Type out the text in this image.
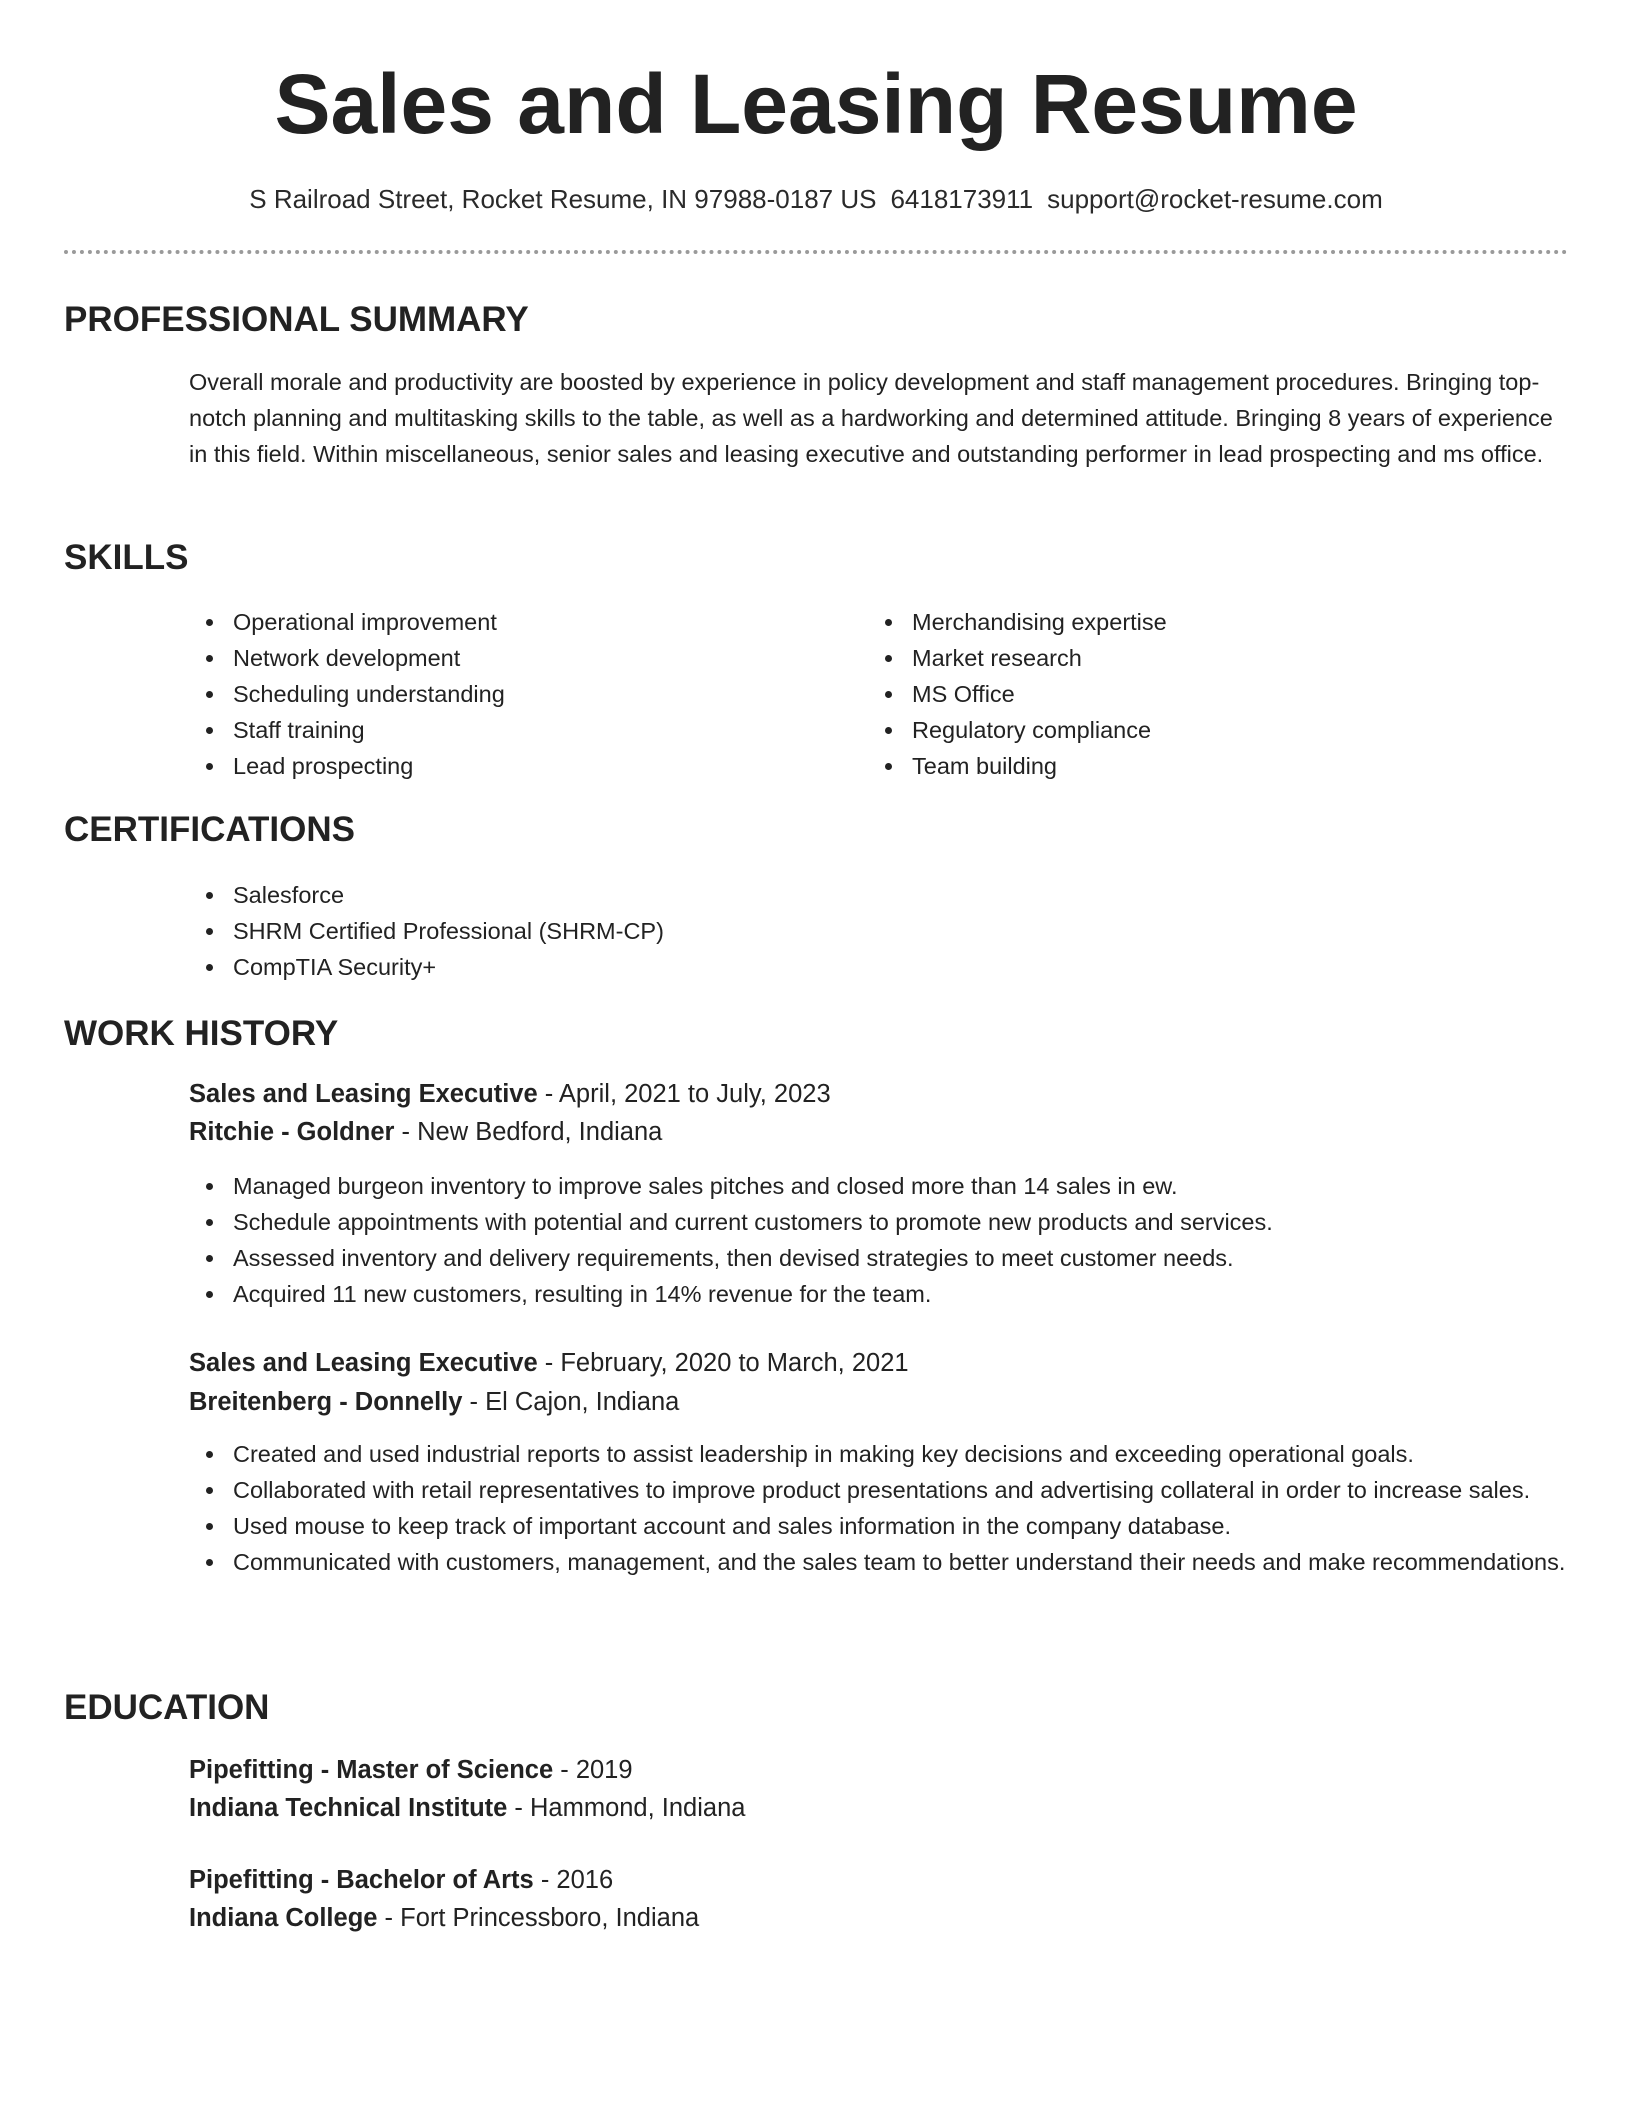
Sales and Leasing Resume
S Railroad Street, Rocket Resume, IN 97988-0187 US 6418173911 support@rocket-resume.com
PROFESSIONAL SUMMARY

Overall morale and productivity are boosted by experience in policy development and staff management procedures. Bringing top-notch planning and multitasking skills to the table, as well as a hardworking and determined attitude. Bringing 8 years of experience in this field. Within miscellaneous, senior sales and leasing executive and outstanding performer in lead prospecting and ms office.

SKILLS
Operational improvement
Network development
Scheduling understanding
Staff training
Lead prospecting
Merchandising expertise
Market research
MS Office
Regulatory compliance
Team building
CERTIFICATIONS
Salesforce
SHRM Certified Professional (SHRM-CP)
CompTIA Security+
WORK HISTORY
Sales and Leasing Executive - April, 2021 to July, 2023
Ritchie - Goldner - New Bedford, Indiana
Managed burgeon inventory to improve sales pitches and closed more than 14 sales in ew.
Schedule appointments with potential and current customers to promote new products and services.
Assessed inventory and delivery requirements, then devised strategies to meet customer needs.
Acquired 11 new customers, resulting in 14% revenue for the team.
Sales and Leasing Executive - February, 2020 to March, 2021
Breitenberg - Donnelly - El Cajon, Indiana
Created and used industrial reports to assist leadership in making key decisions and exceeding operational goals.
Collaborated with retail representatives to improve product presentations and advertising collateral in order to increase sales.
Used mouse to keep track of important account and sales information in the company database.
Communicated with customers, management, and the sales team to better understand their needs and make recommendations.
EDUCATION
Pipefitting - Master of Science - 2019
Indiana Technical Institute - Hammond, Indiana
Pipefitting - Bachelor of Arts - 2016
Indiana College - Fort Princessboro, Indiana
